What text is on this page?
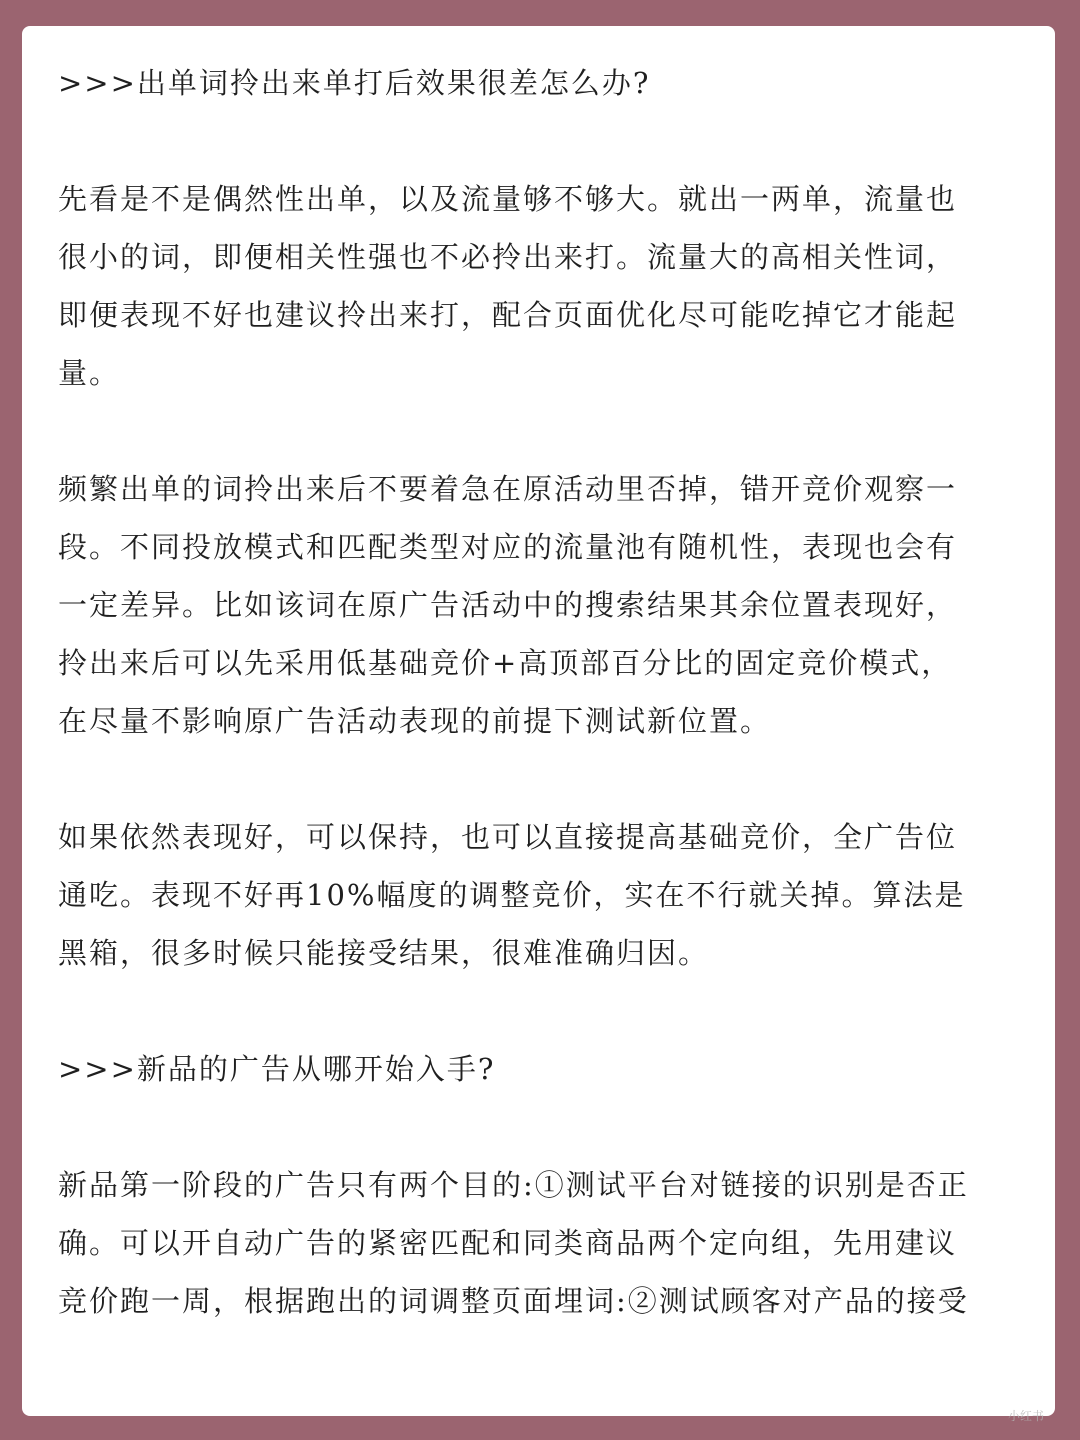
>>>出单词拎出来单打后效果很差怎么办?
先看是不是偶然性出单，以及流量够不够大。就出一两单，流量也
很小的词，即便相关性强也不必拎出来打。流量大的高相关性词，
即便表现不好也建议拎出来打，配合页面优化尽可能吃掉它才能起
量。
频繁出单的词拎出来后不要着急在原活动里否掉，错开竞价观察一
段。不同投放模式和匹配类型对应的流量池有随机性，表现也会有
一定差异。比如该词在原广告活动中的搜索结果其余位置表现好，
拎出来后可以先采用低基础竞价+高顶部百分比的固定竞价模式，
在尽量不影响原广告活动表现的前提下测试新位置。
如果依然表现好，可以保持，也可以直接提高基础竞价，全广告位
通吃。表现不好再10%幅度的调整竞价，实在不行就关掉。算法是
黑箱，很多时候只能接受结果，很难准确归因。
>>>新品的广告从哪开始入手?
新品第一阶段的广告只有两个目的:①测试平台对链接的识别是否正
确。可以开自动广告的紧密匹配和同类商品两个定向组，先用建议
竞价跑一周，根据跑出的词调整页面埋词:②测试顾客对产品的接受
小红书
